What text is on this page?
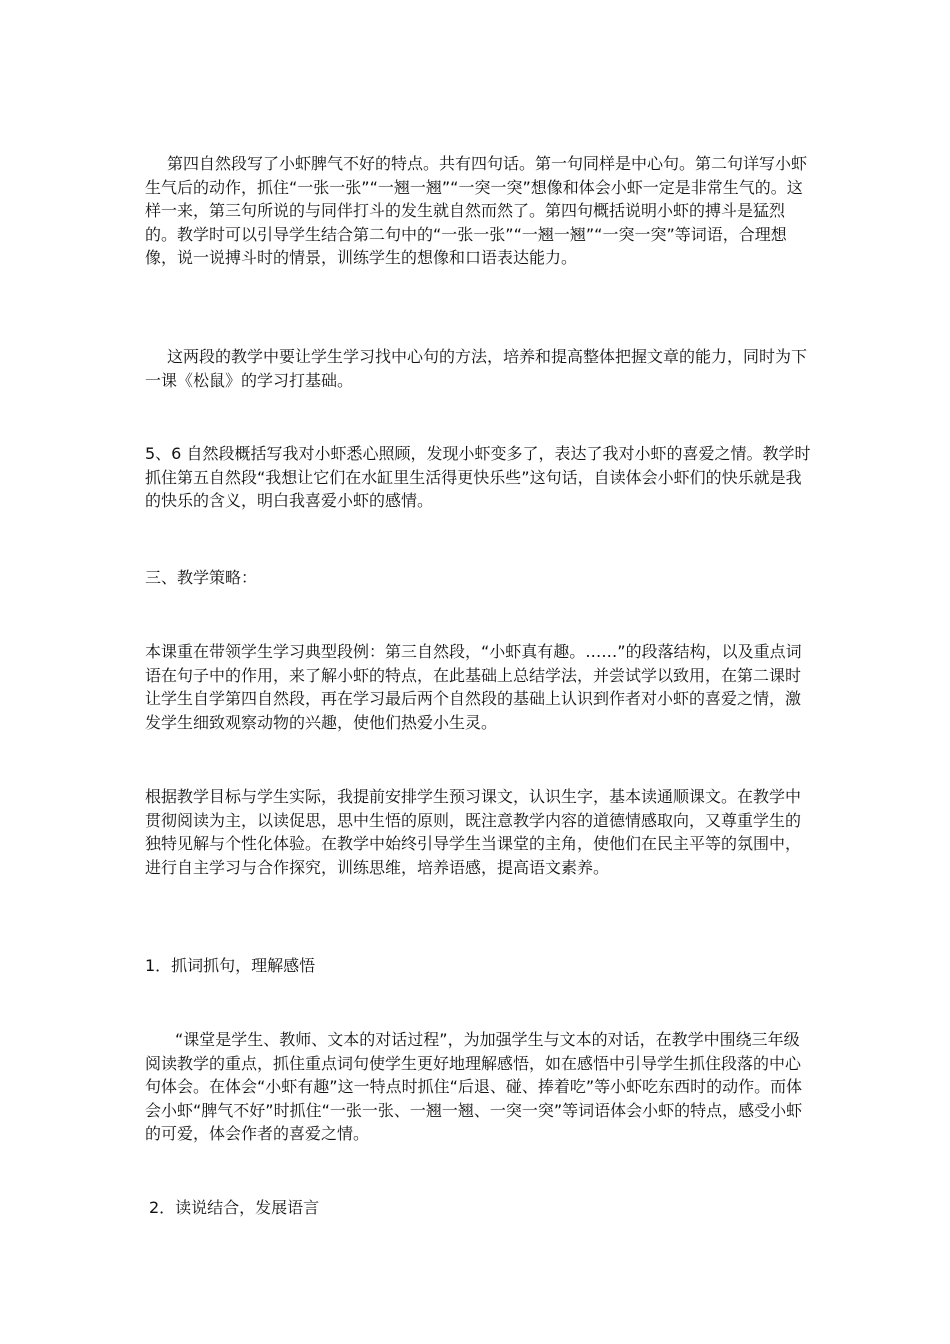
第四自然段写了小虾脾气不好的特点。共有四句话。第一句同样是中心句。第二句详写小虾生气后的动作，抓住“一张一张”“一翘一翘”“一突一突”想像和体会小虾一定是非常生气的。这样一来，第三句所说的与同伴打斗的发生就自然而然了。第四句概括说明小虾的搏斗是猛烈的。教学时可以引导学生结合第二句中的“一张一张”“一翘一翘”“一突一突”等词语，合理想像，说一说搏斗时的情景，训练学生的想像和口语表达能力。

这两段的教学中要让学生学习找中心句的方法，培养和提高整体把握文章的能力，同时为下一课《松鼠》的学习打基础。

5、6 自然段概括写我对小虾悉心照顾，发现小虾变多了，表达了我对小虾的喜爱之情。教学时抓住第五自然段“我想让它们在水缸里生活得更快乐些”这句话，自读体会小虾们的快乐就是我的快乐的含义，明白我喜爱小虾的感情。

三、教学策略：

本课重在带领学生学习典型段例：第三自然段，“小虾真有趣。……”的段落结构，以及重点词语在句子中的作用，来了解小虾的特点，在此基础上总结学法，并尝试学以致用，在第二课时让学生自学第四自然段，再在学习最后两个自然段的基础上认识到作者对小虾的喜爱之情，激发学生细致观察动物的兴趣，使他们热爱小生灵。

根据教学目标与学生实际，我提前安排学生预习课文，认识生字，基本读通顺课文。在教学中贯彻阅读为主，以读促思，思中生悟的原则，既注意教学内容的道德情感取向，又尊重学生的独特见解与个性化体验。在教学中始终引导学生当课堂的主角，使他们在民主平等的氛围中，进行自主学习与合作探究，训练思维，培养语感，提高语文素养。

1．抓词抓句，理解感悟

“课堂是学生、教师、文本的对话过程”，为加强学生与文本的对话，在教学中围绕三年级阅读教学的重点，抓住重点词句使学生更好地理解感悟，如在感悟中引导学生抓住段落的中心句体会。在体会“小虾有趣”这一特点时抓住“后退、碰、捧着吃”等小虾吃东西时的动作。而体会小虾“脾气不好”时抓住“一张一张、一翘一翘、一突一突”等词语体会小虾的特点，感受小虾的可爱，体会作者的喜爱之情。

2．读说结合，发展语言
